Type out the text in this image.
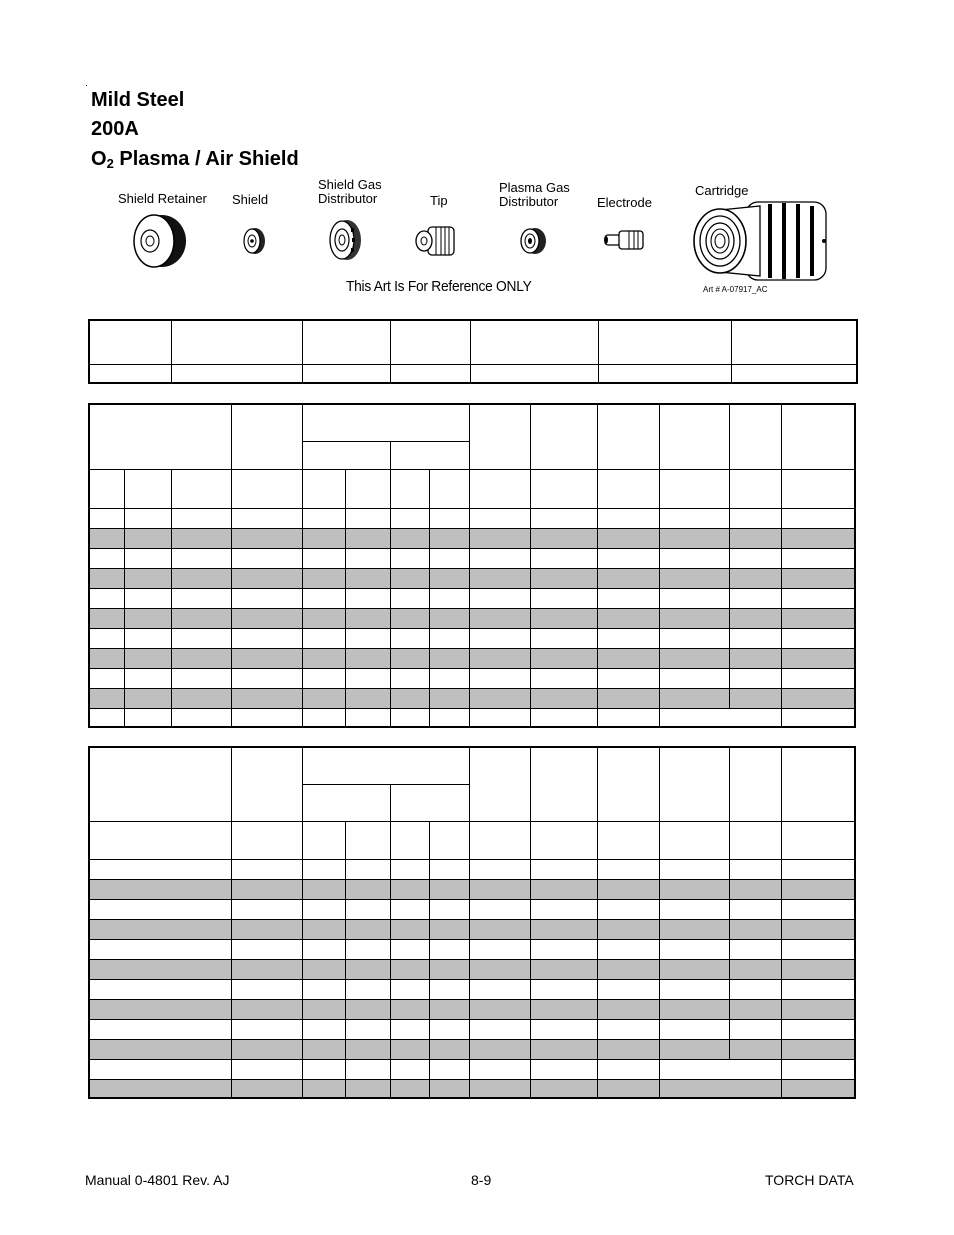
Mild Steel
200A
$O_2$ Plasma / Air Shield
Shield Retainer Shield
Shield Gas
Distributor	Tip
Plasma Gas
Distributor	Electrode
Cartridge
This Art Is For Reference ONLY	Art # A-07917_AC

Manual 0-4801 Rev. AJ	8-9	TORCH DATA
